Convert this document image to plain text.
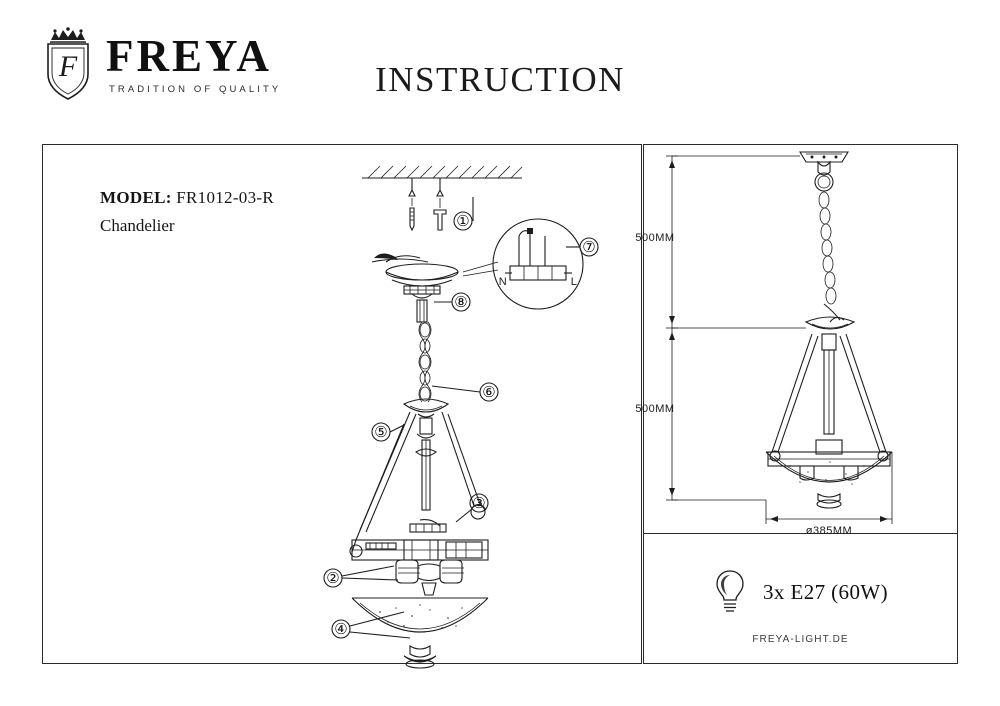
F FREYA
TRADITION OF QUALITY	INSTRUCTION
MODEL: FR1012-03-R
Chandelier	①
⑧
N	L
⑦
⑥
⑤
③
②
④
500MM
500MM
ø385MM
3x E27 (60W)
FREYA-LIGHT.DE
